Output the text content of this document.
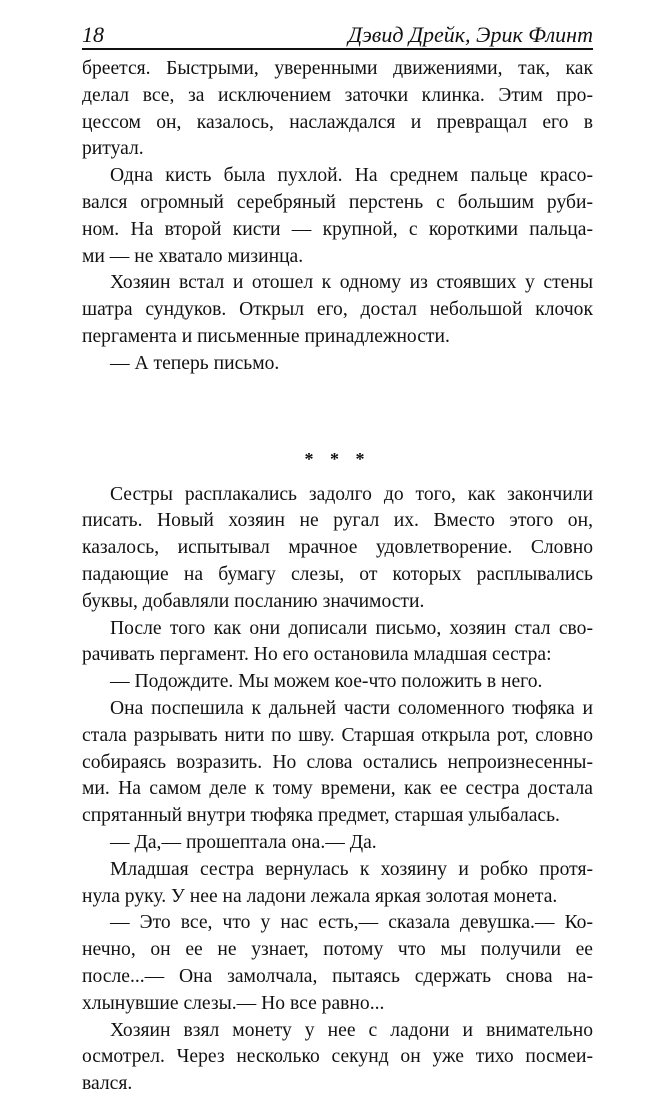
18	Дэвид Дрейк, Эрик Флинт
бреется. Быстрыми, уверенными движениями, так, как
делал все, за исключением заточки клинка. Этим про-
цессом он, казалось, наслаждался и превращал его в
ритуал.
Одна кисть была пухлой. На среднем пальце красо-
вался огромный серебряный перстень с большим руби-
ном. На второй кисти — крупной, с короткими пальца-
ми — не хватало мизинца.
Хозяин встал и отошел к одному из стоявших у стены
шатра сундуков. Открыл его, достал небольшой клочок
пергамента и письменные принадлежности.
— А теперь письмо.
* * *
Сестры расплакались задолго до того, как закончили
писать. Новый хозяин не ругал их. Вместо этого он,
казалось, испытывал мрачное удовлетворение. Словно
падающие на бумагу слезы, от которых расплывались
буквы, добавляли посланию значимости.
После того как они дописали письмо, хозяин стал сво-
рачивать пергамент. Но его остановила младшая сестра:
— Подождите. Мы можем кое-что положить в него.
Она поспешила к дальней части соломенного тюфяка и
стала разрывать нити по шву. Старшая открыла рот, словно
собираясь возразить. Но слова остались непроизнесенны-
ми. На самом деле к тому времени, как ее сестра достала
спрятанный внутри тюфяка предмет, старшая улыбалась.
— Да,— прошептала она.— Да.
Младшая сестра вернулась к хозяину и робко протя-
нула руку. У нее на ладони лежала яркая золотая монета.
— Это все, что у нас есть,— сказала девушка.— Ко-
нечно, он ее не узнает, потому что мы получили ее
после...— Она замолчала, пытаясь сдержать снова на-
хлынувшие слезы.— Но все равно...
Хозяин взял монету у нее с ладони и внимательно
осмотрел. Через несколько секунд он уже тихо посмеи-
вался.
